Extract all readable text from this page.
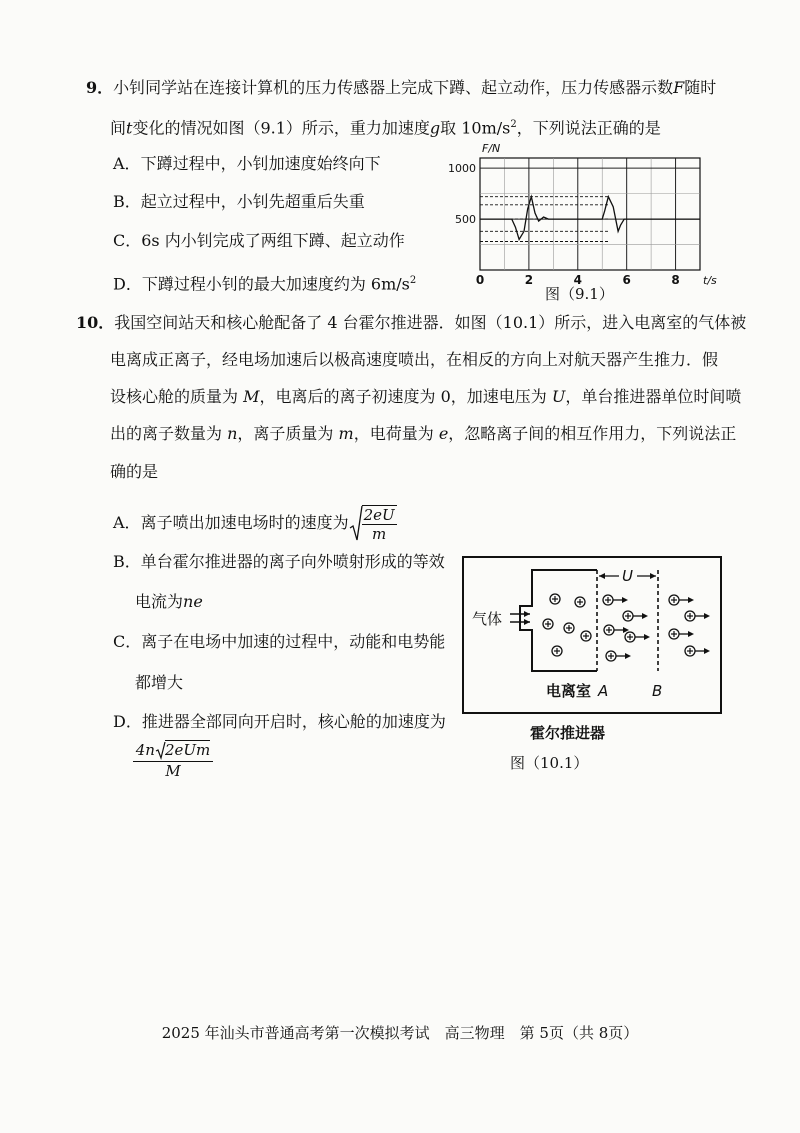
9．小钊同学站在连接计算机的压力传感器上完成下蹲、起立动作，压力传感器示数F随时
间t变化的情况如图（9.1）所示，重力加速度g取 $10m/s^2$，下列说法正确的是
A．下蹲过程中，小钊加速度始终向下
B．起立过程中，小钊先超重后失重
C．6s 内小钊完成了两组下蹲、起立动作
D．下蹲过程小钊的最大加速度约为 $6m/s^2$
500
1000
0	2	4	6	8
F/N
t/s
图（9.1）
10．我国空间站天和核心舱配备了 4 台霍尔推进器．如图（10.1）所示，进入电离室的气体被
电离成正离子，经电场加速后以极高速度喷出，在相反的方向上对航天器产生推力．假
设核心舱的质量为 M，电离后的离子初速度为 0，加速电压为 U，单台推进器单位时间喷
出的离子数量为 n，离子质量为 m，电荷量为 e，忽略离子间的相互作用力，下列说法正
确的是
A．离子喷出加速电场时的速度为 $\frac{2eU}{m}$
B．单台霍尔推进器的离子向外喷射形成的等效
电流为ne
C．离子在电场中加速的过程中，动能和电势能
都增大
D．推进器全部同向开启时，核心舱的加速度为
4n 2eUm
M
气体
U
电离室 A	B
霍尔推进器
图（10.1）
2025 年汕头市普通高考第一次模拟考试　高三物理　第 5页（共 8页）
